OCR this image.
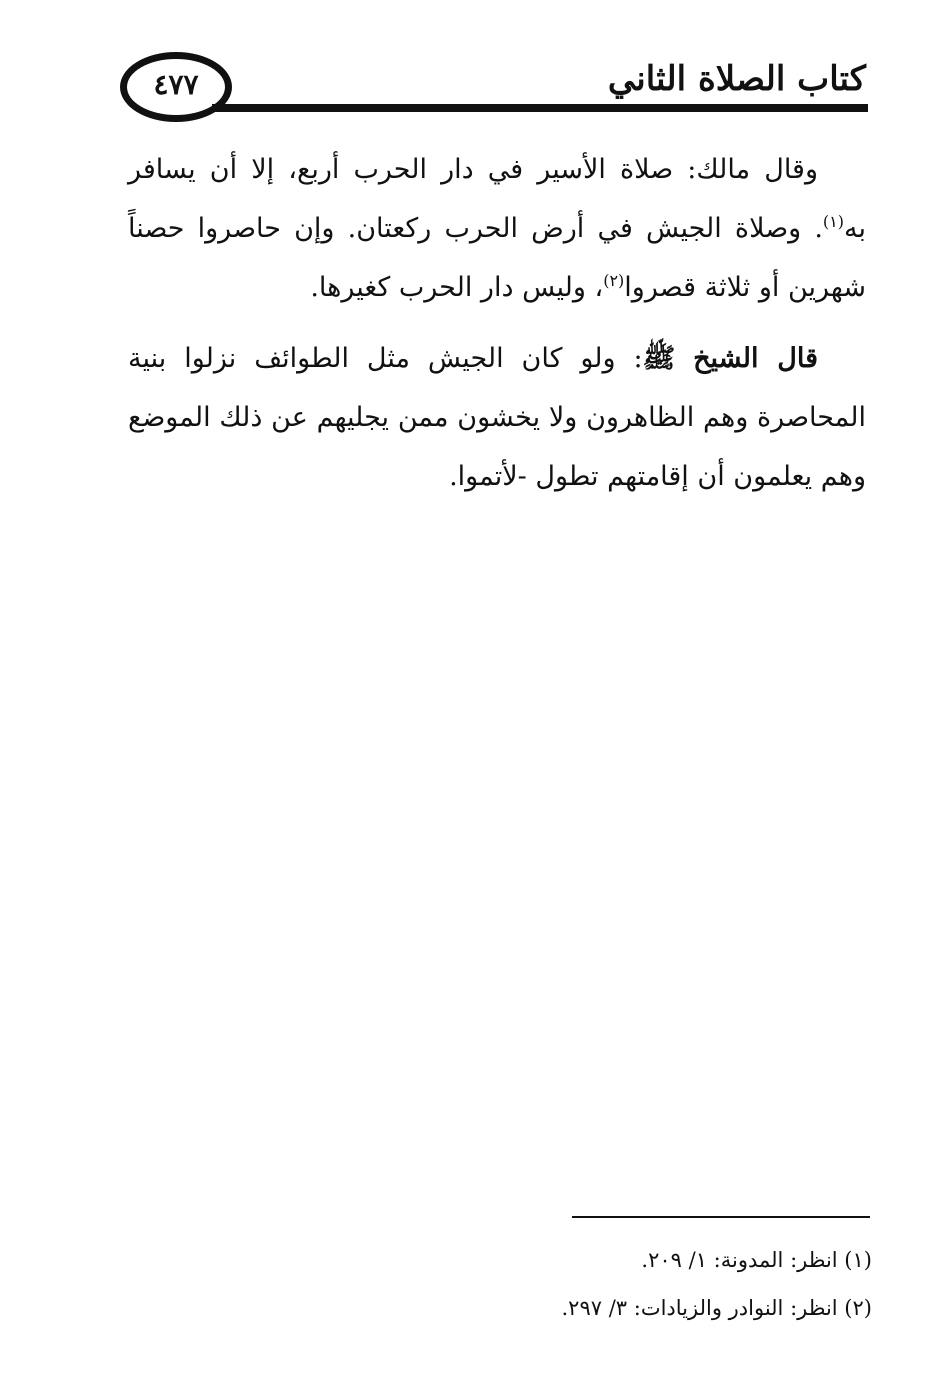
٤٧٧	كتاب الصلاة الثاني

وقال مالك: صلاة الأسير في دار الحرب أربع، إلا أن يسافر به$^{(١)}$. وصلاة الجيش في أرض الحرب ركعتان. وإن حاصروا حصناً شهرين أو ثلاثة قصروا$^{(٢)}$، وليس دار الحرب كغيرها.

قال الشيخ ﷺ: ولو كان الجيش مثل الطوائف نزلوا بنية المحاصرة وهم الظاهرون ولا يخشون ممن يجليهم عن ذلك الموضع وهم يعلمون أن إقامتهم تطول -لأتموا.

(١) انظر: المدونة: ١/ ٢٠٩.

(٢) انظر: النوادر والزيادات: ٣/ ٢٩٧.
